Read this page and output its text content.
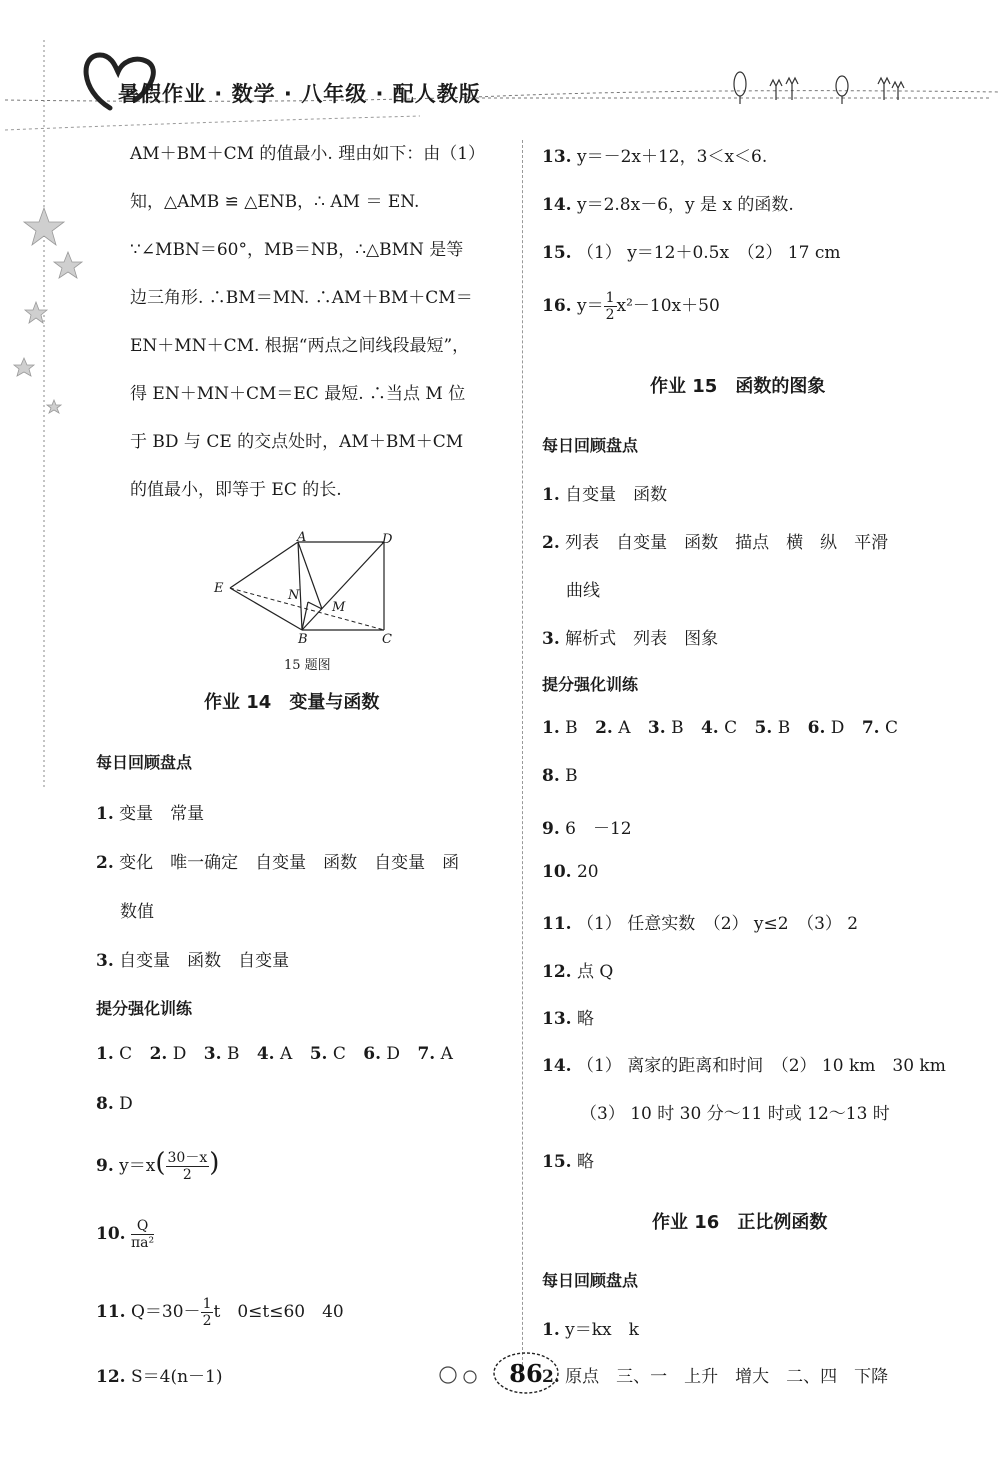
暑假作业 · 数学 · 八年级 · 配人教版
AM＋BM＋CM 的值最小. 理由如下：由（1）
知，△AMB ≌ △ENB，∴ AM ＝ EN.
∵∠MBN＝60°，MB＝NB，∴△BMN 是等
边三角形. ∴BM＝MN. ∴AM＋BM＋CM＝
EN＋MN＋CM. 根据“两点之间线段最短”，
得 EN＋MN＋CM＝EC 最短. ∴当点 M 位
于 BD 与 CE 的交点处时，AM＋BM＋CM
的值最小，即等于 EC 的长.
A	D
E	N
M
B	C
15 题图
作业 14　变量与函数
每日回顾盘点
1. 变量　常量
2. 变化　唯一确定　自变量　函数　自变量　函
数值
3. 自变量　函数　自变量
提分强化训练
1. C 2. D 3. B 4. A 5. C 6. D 7. A
8. D
9. $y=x( \frac{30-x}{2}$ )
10. $\frac{Q}{\text{πa²}}$
11. $Q=30- \frac{1}{2}$ t　0≤t≤60　40
12. S＝4(n－1)
13. y＝－2x＋12，3＜x＜6.
14. y＝2.8x－6，y 是 x 的函数.
15. （1） y＝12＋0.5x　（2） 17 cm
16. $y= \frac{1}{2} x^2-10x+50$
作业 15　函数的图象
每日回顾盘点
1. 自变量　函数
2. 列表　自变量　函数　描点　横　纵　平滑
曲线
3. 解析式　列表　图象
提分强化训练
1. B 2. A 3. B 4. C 5. B 6. D 7. C
8. B
9. 6　－12
10. 20
11. （1） 任意实数　（2） y≤2　（3） 2
12. 点 Q
13. 略
14. （1） 离家的距离和时间　（2） 10 km　30 km
（3） 10 时 30 分～11 时或 12～13 时
15. 略
作业 16　正比例函数
每日回顾盘点
1. y＝kx　k
2. 原点　三、一　上升　增大　二、四　下降
86
